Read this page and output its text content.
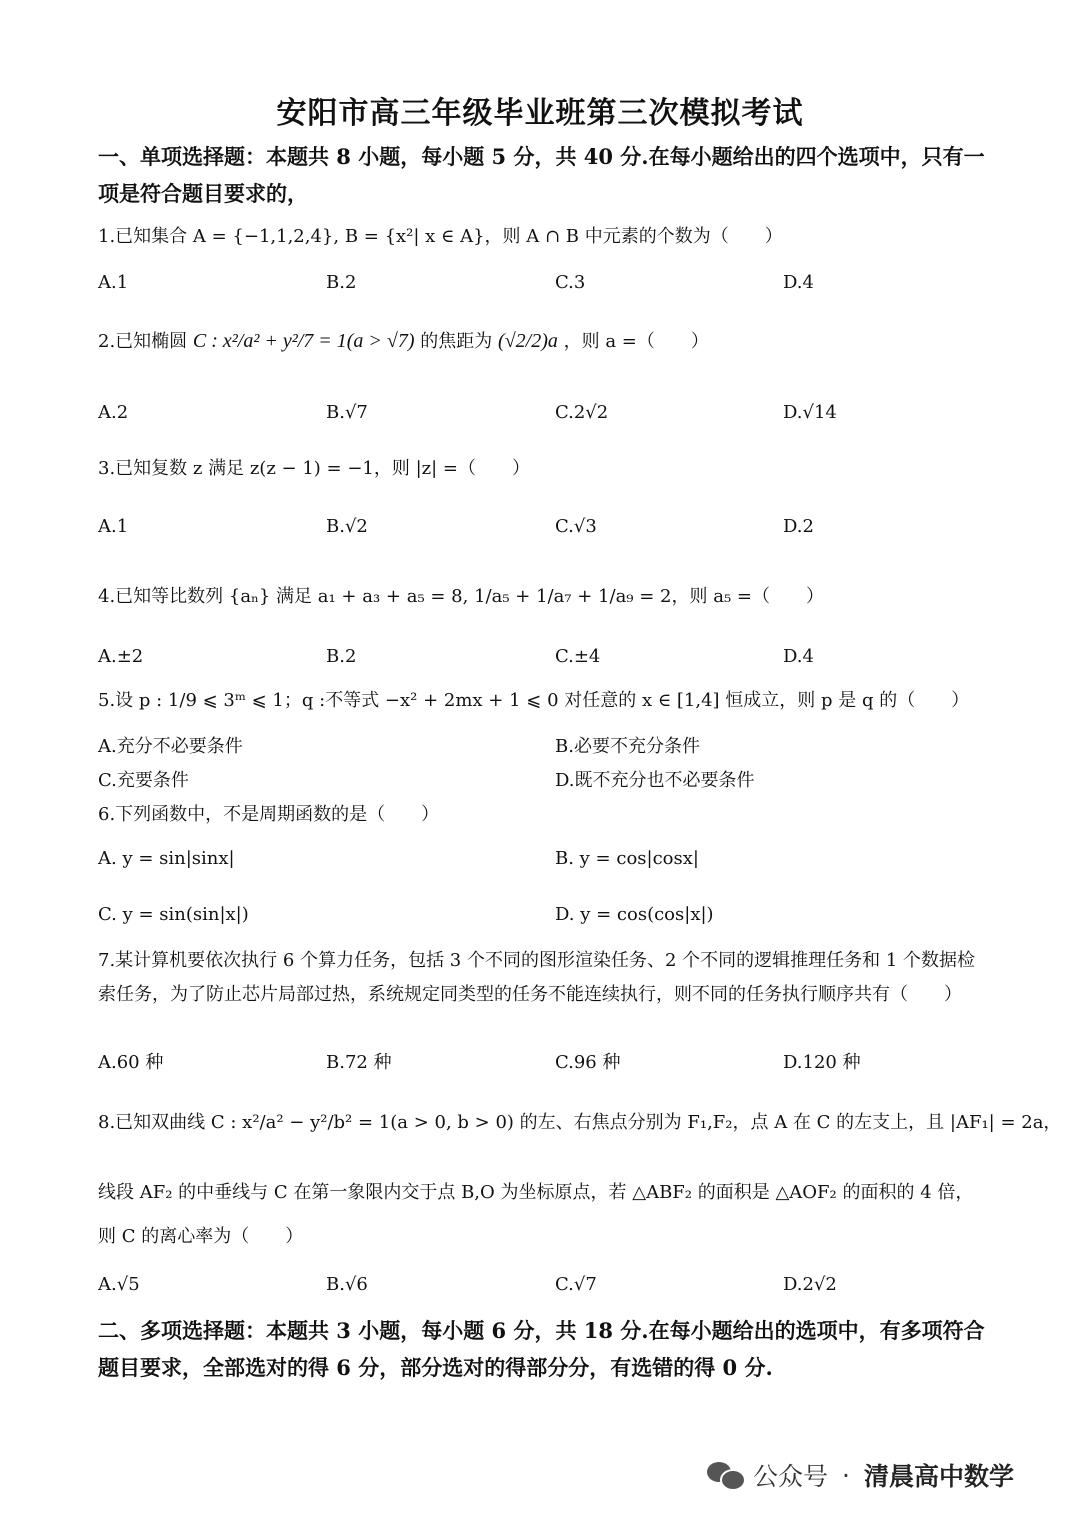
安阳市高三年级毕业班第三次模拟考试
一、单项选择题：本题共 8 小题，每小题 5 分，共 40 分.在每小题给出的四个选项中，只有一项是符合题目要求的，
1.已知集合 A = {−1,1,2,4}, B = {x²| x ∈ A}，则 A ∩ B 中元素的个数为（　　）
A.1	B.2	C.3	D.4
2.已知椭圆 C : x²/a² + y²/7 = 1(a > √7) 的焦距为 (√2/2)a ，则 a =（　　）
A.2	B.√7	C.2√2	D.√14
3.已知复数 z 满足 z(z − 1) = −1，则 |z| =（　　）
A.1	B.√2	C.√3	D.2
4.已知等比数列 {aₙ} 满足 a₁ + a₃ + a₅ = 8, 1/a₅ + 1/a₇ + 1/a₉ = 2，则 a₅ =（　　）
A.±2	B.2	C.±4	D.4
5.设 p : 1/9 ⩽ 3ᵐ ⩽ 1；q :不等式 −x² + 2mx + 1 ⩽ 0 对任意的 x ∈ [1,4] 恒成立，则 p 是 q 的（　　）
A.充分不必要条件	B.必要不充分条件
C.充要条件	D.既不充分也不必要条件
6.下列函数中，不是周期函数的是（　　）
A. y = sin|sinx|	B. y = cos|cosx|
C. y = sin(sin|x|)	D. y = cos(cos|x|)
7.某计算机要依次执行 6 个算力任务，包括 3 个不同的图形渲染任务、2 个不同的逻辑推理任务和 1 个数据检索任务，为了防止芯片局部过热，系统规定同类型的任务不能连续执行，则不同的任务执行顺序共有（　　）
A.60 种	B.72 种	C.96 种	D.120 种
8.已知双曲线 C : x²/a² − y²/b² = 1(a > 0, b > 0) 的左、右焦点分别为 F₁,F₂，点 A 在 C 的左支上，且 |AF₁| = 2a，
线段 AF₂ 的中垂线与 C 在第一象限内交于点 B,O 为坐标原点，若 △ABF₂ 的面积是 △AOF₂ 的面积的 4 倍，
则 C 的离心率为（　　）
A.√5	B.√6	C.√7	D.2√2
二、多项选择题：本题共 3 小题，每小题 6 分，共 18 分.在每小题给出的选项中，有多项符合题目要求，全部选对的得 6 分，部分选对的得部分分，有选错的得 0 分.
公众号 · 清晨高中数学
